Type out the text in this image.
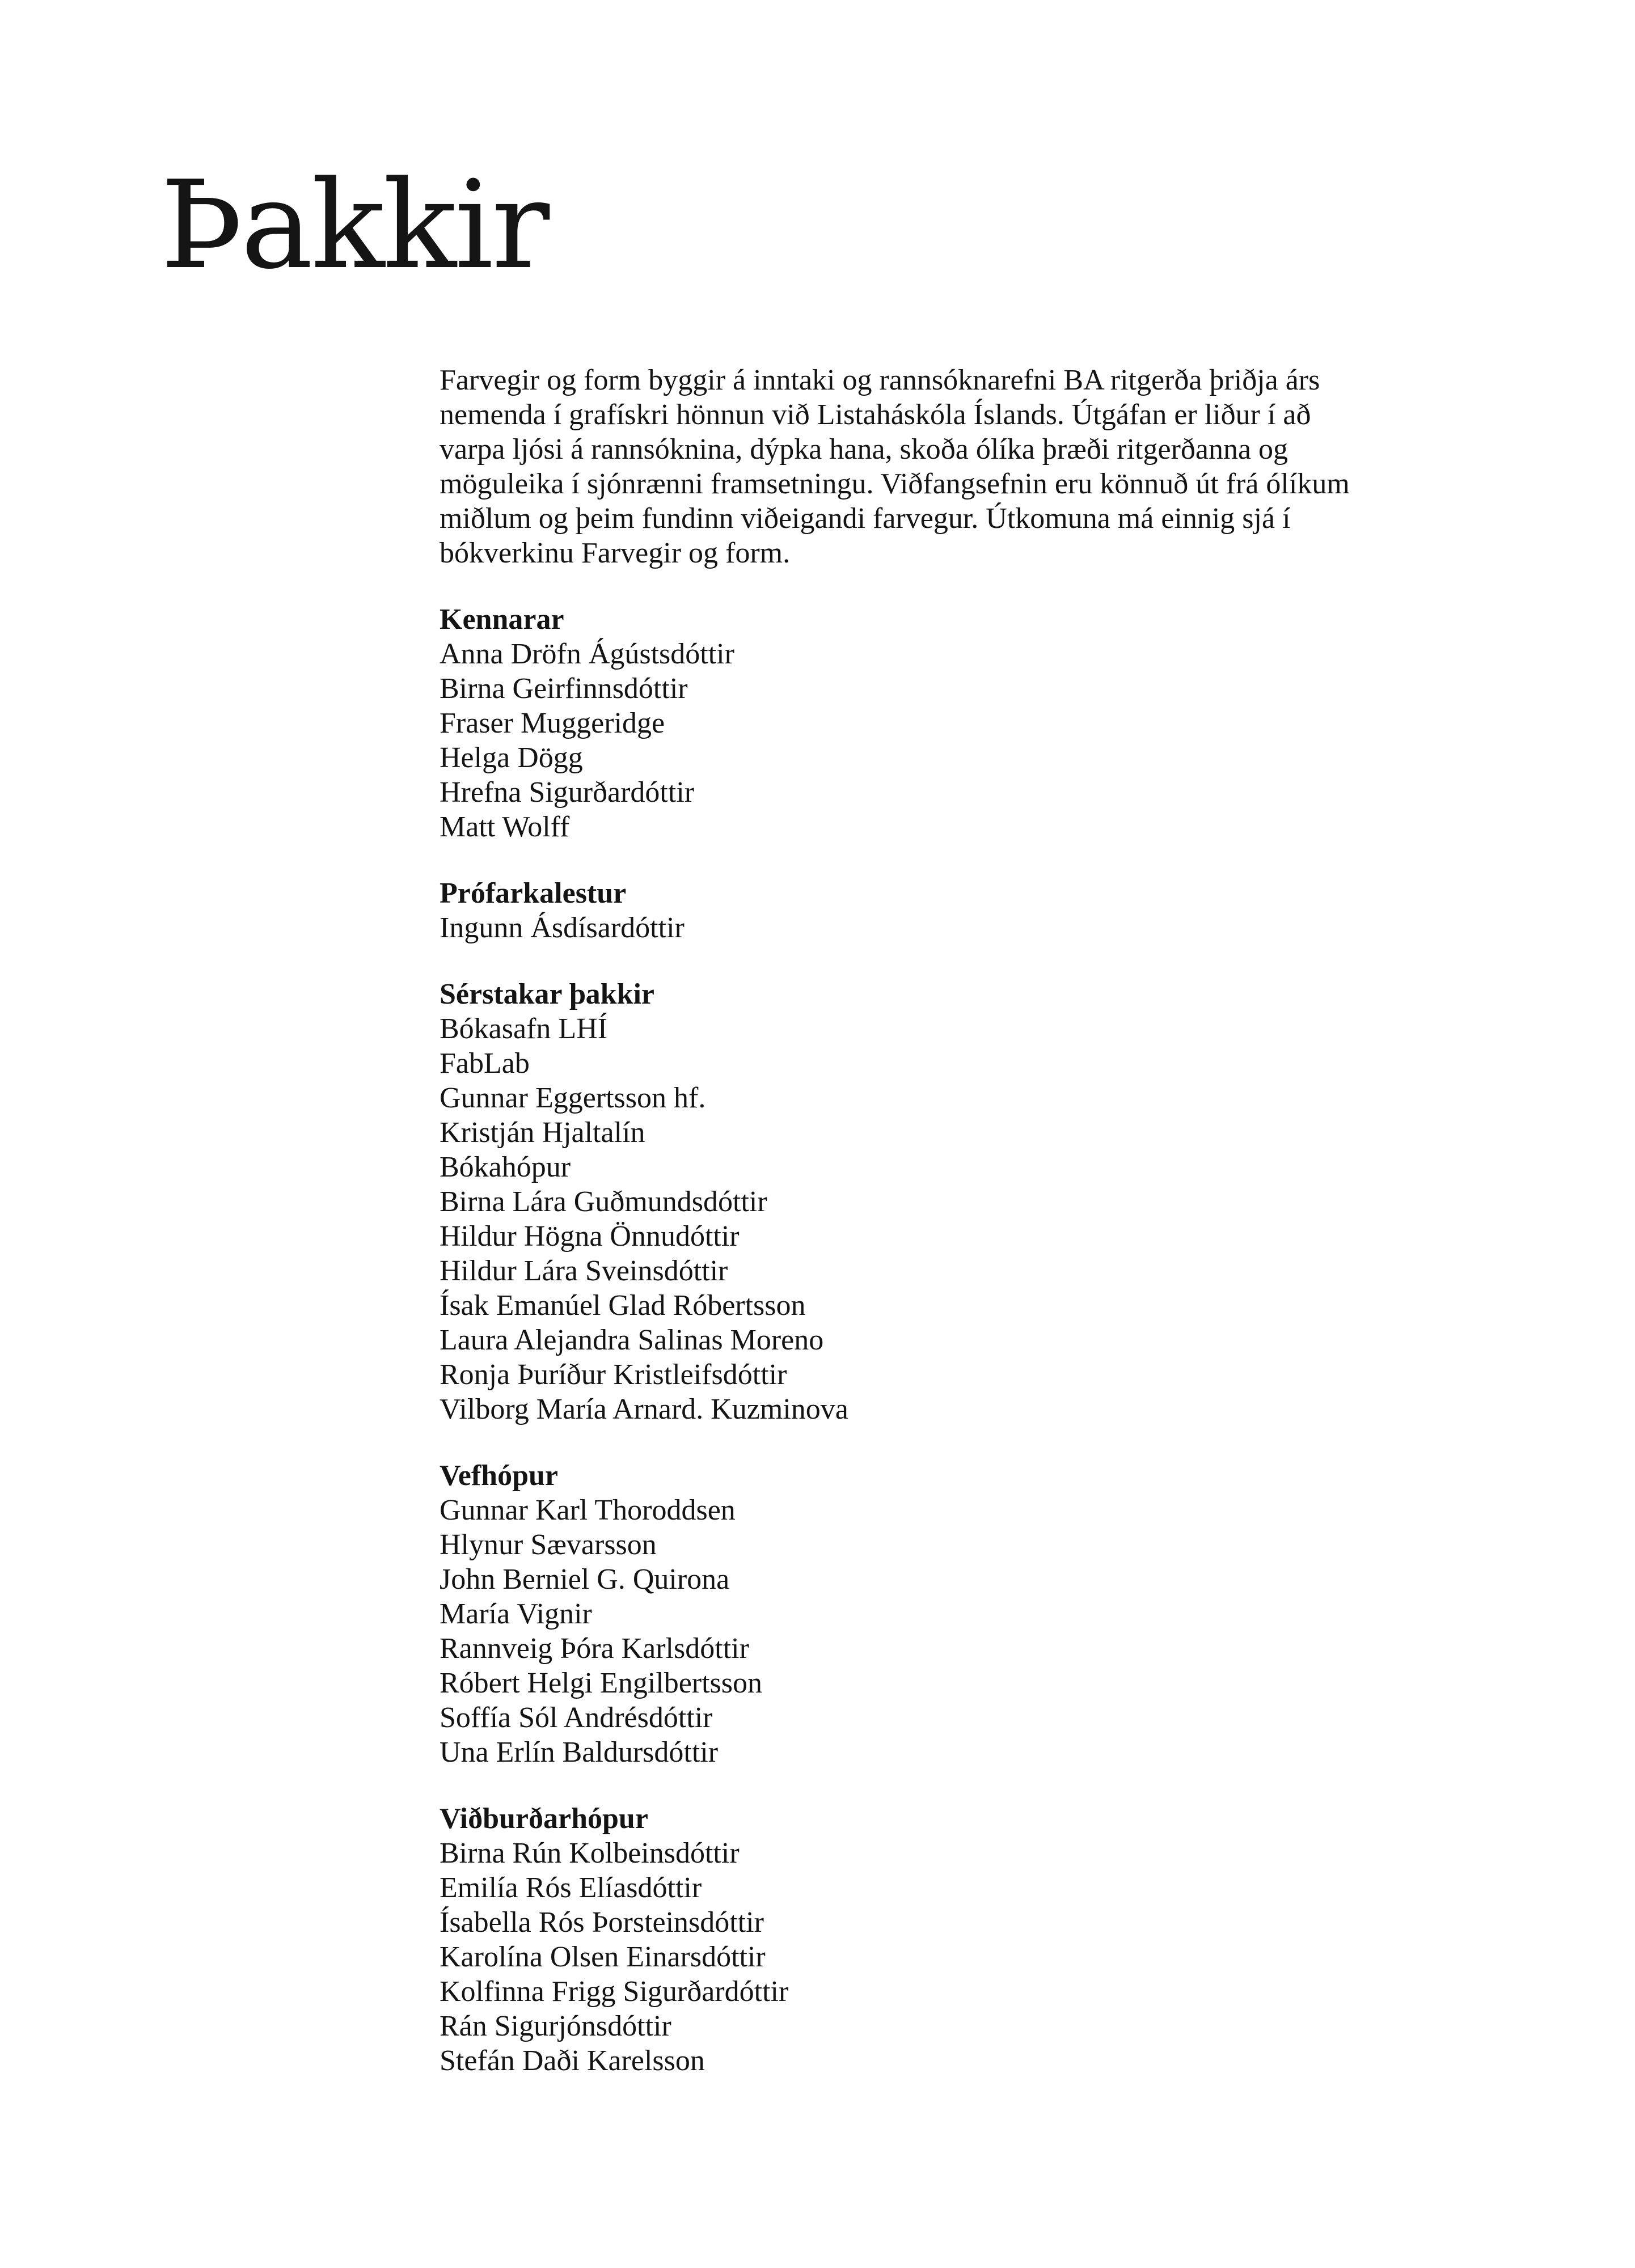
Þakkir
Farvegir og form byggir á inntaki og rannsóknarefni BA ritgerða þriðja árs
nemenda í grafískri hönnun við Listaháskóla Íslands. Útgáfan er liður í að
varpa ljósi á rannsóknina, dýpka hana, skoða ólíka þræði ritgerðanna og
möguleika í sjónrænni framsetningu. Viðfangsefnin eru könnuð út frá ólíkum
miðlum og þeim fundinn viðeigandi farvegur. Útkomuna má einnig sjá í
bókverkinu Farvegir og form.
Kennarar
Anna Dröfn Ágústsdóttir
Birna Geirfinnsdóttir
Fraser Muggeridge
Helga Dögg
Hrefna Sigurðardóttir
Matt Wolff
Prófarkalestur
Ingunn Ásdísardóttir
Sérstakar þakkir
Bókasafn LHÍ
FabLab
Gunnar Eggertsson hf.
Kristján Hjaltalín
Bókahópur
Birna Lára Guðmundsdóttir
Hildur Högna Önnudóttir
Hildur Lára Sveinsdóttir
Ísak Emanúel Glad Róbertsson
Laura Alejandra Salinas Moreno
Ronja Þuríður Kristleifsdóttir
Vilborg María Arnard. Kuzminova
Vefhópur
Gunnar Karl Thoroddsen
Hlynur Sævarsson
John Berniel G. Quirona
María Vignir
Rannveig Þóra Karlsdóttir
Róbert Helgi Engilbertsson
Soffía Sól Andrésdóttir
Una Erlín Baldursdóttir
Viðburðarhópur
Birna Rún Kolbeinsdóttir
Emilía Rós Elíasdóttir
Ísabella Rós Þorsteinsdóttir
Karolína Olsen Einarsdóttir
Kolfinna Frigg Sigurðardóttir
Rán Sigurjónsdóttir
Stefán Daði Karelsson
